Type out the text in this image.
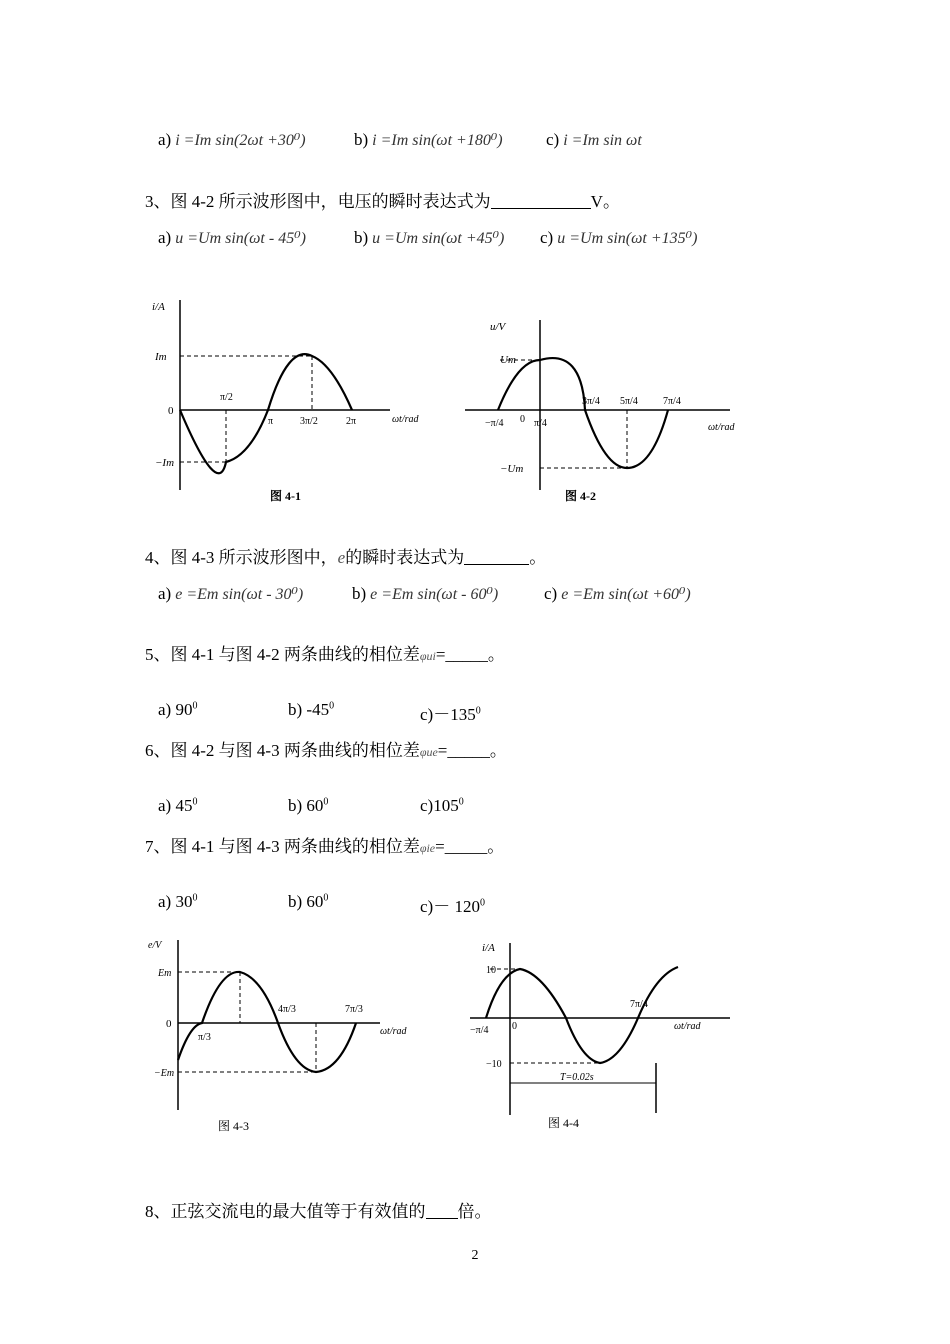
a) i =Im sin(2ωt +30⁰)	b) i =Im sin(ωt +180⁰)	c) i =Im sin ωt
3、图 4-2 所示波形图中，电压的瞬时表达式为	V。
a) u =Um sin(ωt - 45⁰)	b) u =Um sin(ωt +45⁰) c) u =Um sin(ωt +135⁰)
i/A
Im
−Im
0
π/2
π	3π/2	2π	ωt/rad
图 4-1
u/V
Um
−Um
0
−π/4	π/4
3π/4 5π/4	7π/4
ωt/rad
图 4-2
4、图 4-3 所示波形图中，e的瞬时表达式为	。
a) e =Em sin(ωt - 30⁰)	b) e =Em sin(ωt - 60⁰)	c) e =Em sin(ωt +60⁰)
5、图 4-1 与图 4-2 两条曲线的相位差φui=_____。
a) $90^0$	b) $-45^0$	$c)-135^0$
6、图 4-2 与图 4-3 两条曲线的相位差φue=_____。
a) $45^0$	b) $60^0$	$c)105^0$
7、图 4-1 与图 4-3 两条曲线的相位差φie=_____。
a) $30^0$	b) $60^0$	$c)- 120^0$
e/V
Em
−Em
0
π/3
4π/3	7π/3
ωt/rad
图 4-3
i/A
10
−10
0
−π/4
7π/4
T=0.02s
ωt/rad
图 4-4
8、正弦交流电的最大值等于有效值的 倍。
2
